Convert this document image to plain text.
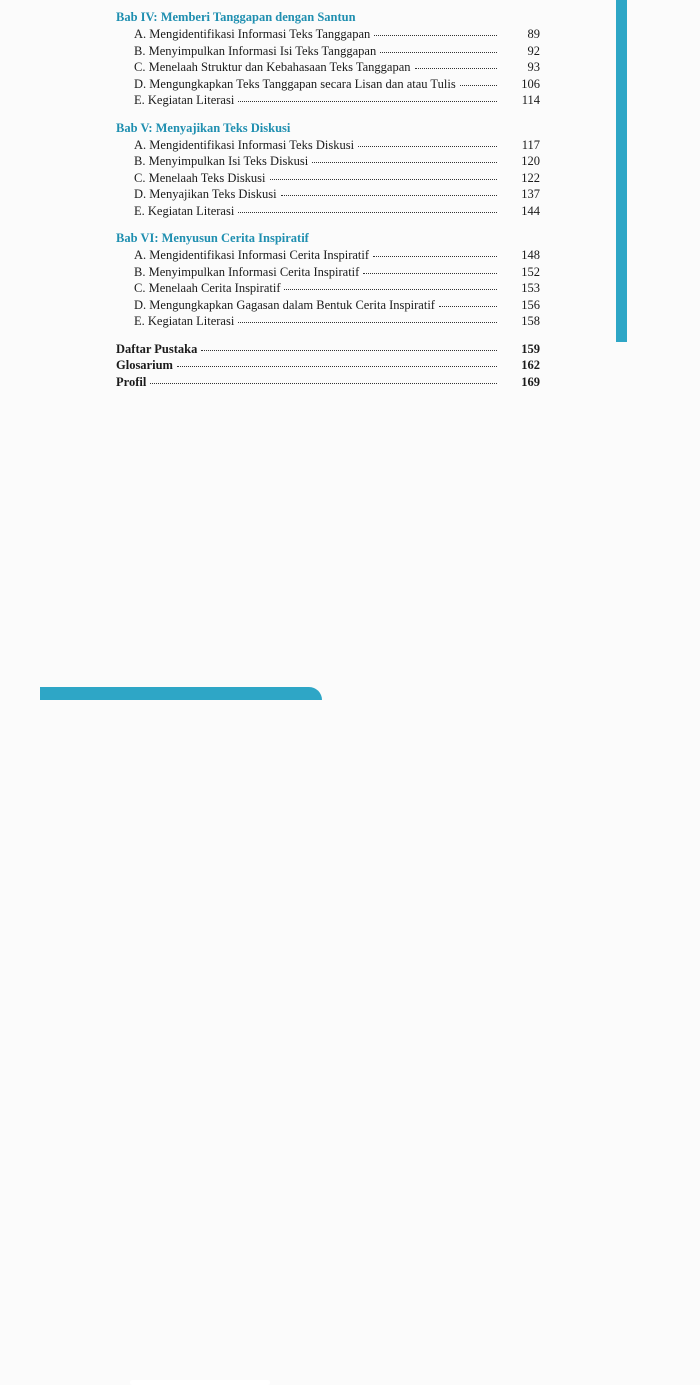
Bab IV: Memberi Tanggapan dengan Santun
A. Mengidentifikasi Informasi Teks Tanggapan	89
B. Menyimpulkan Informasi Isi Teks Tanggapan	92
C. Menelaah Struktur dan Kebahasaan Teks Tanggapan	93
D. Mengungkapkan Teks Tanggapan secara Lisan dan atau Tulis	106
E. Kegiatan Literasi	114
Bab V: Menyajikan Teks Diskusi
A. Mengidentifikasi Informasi Teks Diskusi	117
B. Menyimpulkan Isi Teks Diskusi	120
C. Menelaah Teks Diskusi	122
D. Menyajikan Teks Diskusi	137
E. Kegiatan Literasi	144
Bab VI: Menyusun Cerita Inspiratif
A. Mengidentifikasi Informasi Cerita Inspiratif	148
B. Menyimpulkan Informasi Cerita Inspiratif	152
C. Menelaah Cerita Inspiratif	153
D. Mengungkapkan Gagasan dalam Bentuk Cerita Inspiratif	156
E. Kegiatan Literasi	158
Daftar Pustaka	159
Glosarium	162
Profil	169
